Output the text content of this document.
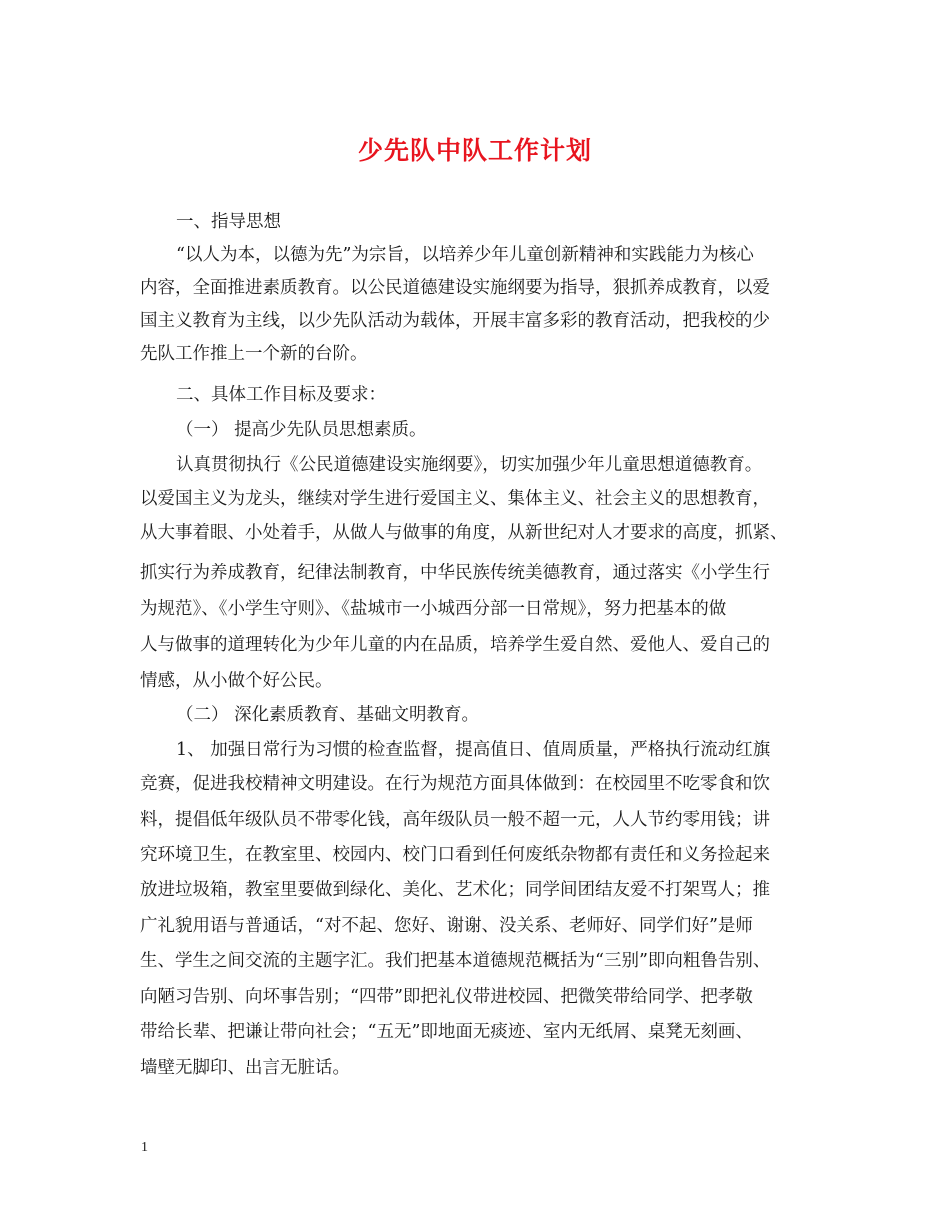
少先队中队工作计划
一、指导思想
“以人为本，以德为先”为宗旨，以培养少年儿童创新精神和实践能力为核心
内容，全面推进素质教育。以公民道德建设实施纲要为指导，狠抓养成教育，以爱
国主义教育为主线，以少先队活动为载体，开展丰富多彩的教育活动，把我校的少
先队工作推上一个新的台阶。
二、具体工作目标及要求：
（一） 提高少先队员思想素质。
认真贯彻执行《公民道德建设实施纲要》，切实加强少年儿童思想道德教育。
以爱国主义为龙头，继续对学生进行爱国主义、集体主义、社会主义的思想教育，
从大事着眼、小处着手，从做人与做事的角度，从新世纪对人才要求的高度，抓紧、
抓实行为养成教育，纪律法制教育，中华民族传统美德教育，通过落实《小学生行
为规范》、《小学生守则》、《盐城市一小城西分部一日常规》，努力把基本的做
人与做事的道理转化为少年儿童的内在品质，培养学生爱自然、爱他人、爱自己的
情感，从小做个好公民。
（二） 深化素质教育、基础文明教育。
1、 加强日常行为习惯的检查监督，提高值日、值周质量，严格执行流动红旗
竞赛，促进我校精神文明建设。在行为规范方面具体做到：在校园里不吃零食和饮
料，提倡低年级队员不带零化钱，高年级队员一般不超一元，人人节约零用钱；讲
究环境卫生，在教室里、校园内、校门口看到任何废纸杂物都有责任和义务捡起来
放进垃圾箱，教室里要做到绿化、美化、艺术化；同学间团结友爱不打架骂人；推
广礼貌用语与普通话，“对不起、您好、谢谢、没关系、老师好、同学们好”是师
生、学生之间交流的主题字汇。我们把基本道德规范概括为“三别”即向粗鲁告别、
向陋习告别、向坏事告别；“四带”即把礼仪带进校园、把微笑带给同学、把孝敬
带给长辈、把谦让带向社会；“五无”即地面无痰迹、室内无纸屑、桌凳无刻画、
墙壁无脚印、出言无脏话。
1
